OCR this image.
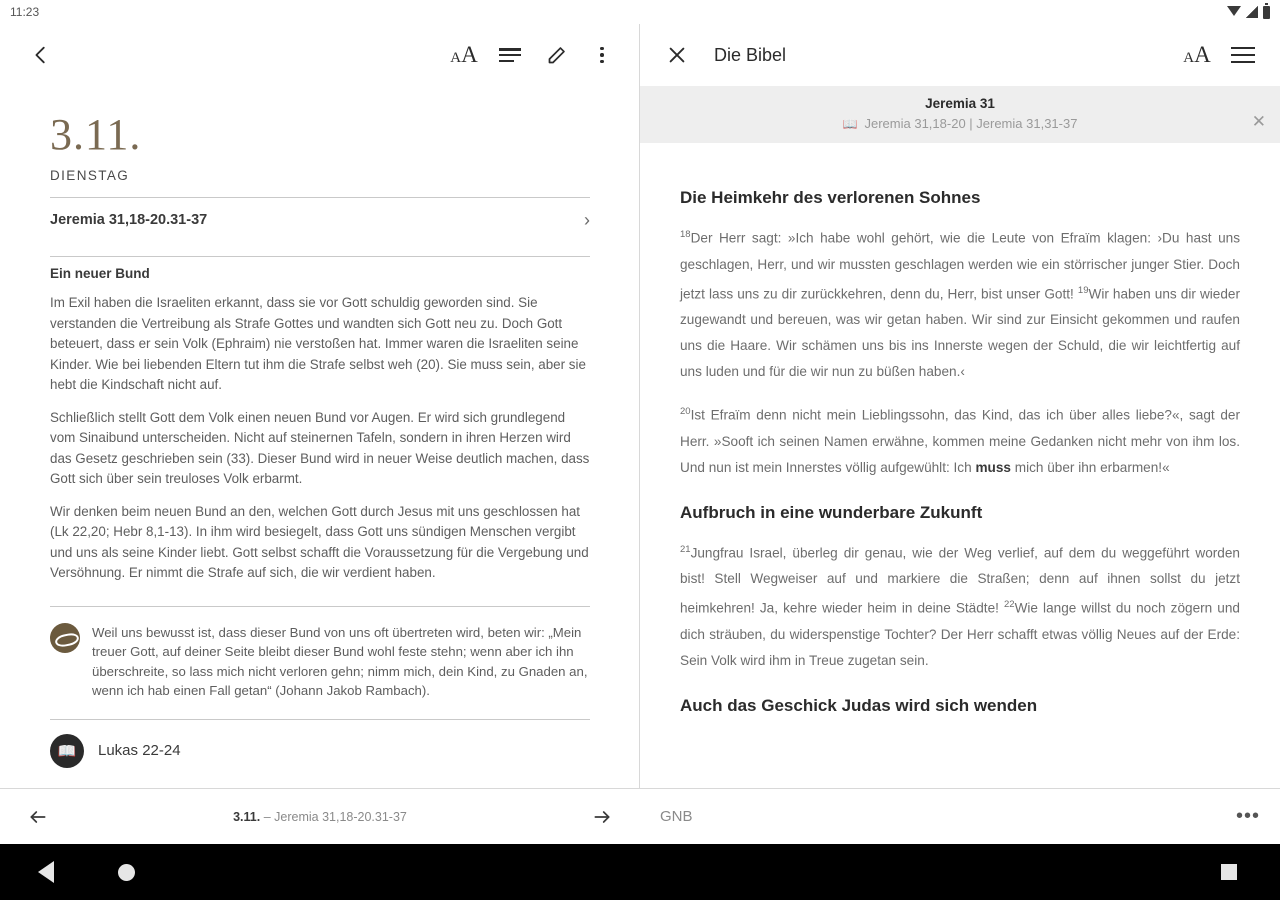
11:23
AA
3.11.
DIENSTAG
Jeremia 31,18-20.31-37	›
Ein neuer Bund
Im Exil haben die Israeliten erkannt, dass sie vor Gott schuldig geworden sind. Sie verstanden die Vertreibung als Strafe Gottes und wandten sich Gott neu zu. Doch Gott beteuert, dass er sein Volk (Ephraim) nie verstoßen hat. Immer waren die Israeliten seine Kinder. Wie bei liebenden Eltern tut ihm die Strafe selbst weh (20). Sie muss sein, aber sie hebt die Kindschaft nicht auf.
Schließlich stellt Gott dem Volk einen neuen Bund vor Augen. Er wird sich grundlegend vom Sinaibund unterscheiden. Nicht auf steinernen Tafeln, sondern in ihren Herzen wird das Gesetz geschrieben sein (33). Dieser Bund wird in neuer Weise deutlich machen, dass Gott sich über sein treuloses Volk erbarmt.
Wir denken beim neuen Bund an den, welchen Gott durch Jesus mit uns geschlossen hat (Lk 22,20; Hebr 8,1-13). In ihm wird besiegelt, dass Gott uns sündigen Menschen vergibt und uns als seine Kinder liebt. Gott selbst schafft die Voraussetzung für die Vergebung und Versöhnung. Er nimmt die Strafe auf sich, die wir verdient haben.
Weil uns bewusst ist, dass dieser Bund von uns oft übertreten wird, beten wir: „Mein treuer Gott, auf deiner Seite bleibt dieser Bund wohl feste stehn; wenn aber ich ihn überschreite, so lass mich nicht verloren gehn; nimm mich, dein Kind, zu Gnaden an, wenn ich hab einen Fall getan“ (Johann Jakob Rambach).
📖	Lukas 22-24
3.11. – Jeremia 31,18-20.31-37
Die Bibel	AA
Jeremia 31
📖 Jeremia 31,18-20 | Jeremia 31,31-37	✕
Die Heimkehr des verlorenen Sohnes
$^{18}$Der Herr sagt: »Ich habe wohl gehört, wie die Leute von Efraïm klagen: ›Du hast uns geschlagen, Herr, und wir mussten geschlagen werden wie ein störrischer junger Stier. Doch jetzt lass uns zu dir zurückkehren, denn du, Herr, bist unser Gott! $^{19}$Wir haben uns dir wieder zugewandt und bereuen, was wir getan haben. Wir sind zur Einsicht gekommen und raufen uns die Haare. Wir schämen uns bis ins Innerste wegen der Schuld, die wir leichtfertig auf uns luden und für die wir nun zu büßen haben.‹
$^{20}$Ist Efraïm denn nicht mein Lieblingssohn, das Kind, das ich über alles liebe?«, sagt der Herr. »Sooft ich seinen Namen erwähne, kommen meine Gedanken nicht mehr von ihm los. Und nun ist mein Innerstes völlig aufgewühlt: Ich muss mich über ihn erbarmen!«
Aufbruch in eine wunderbare Zukunft
$^{21}$Jungfrau Israel, überleg dir genau, wie der Weg verlief, auf dem du weggeführt worden bist! Stell Wegweiser auf und markiere die Straßen; denn auf ihnen sollst du jetzt heimkehren! Ja, kehre wieder heim in deine Städte! $^{22}$Wie lange willst du noch zögern und dich sträuben, du widerspenstige Tochter? Der Herr schafft etwas völlig Neues auf der Erde: Sein Volk wird ihm in Treue zugetan sein.
Auch das Geschick Judas wird sich wenden
GNB	•••
